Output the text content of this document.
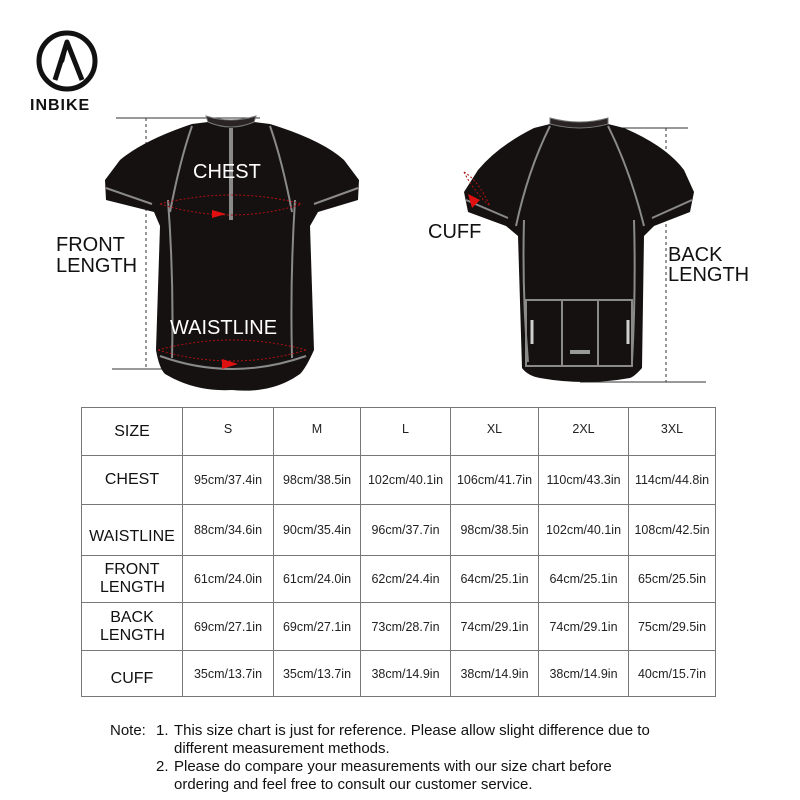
INBIKE
CHEST
FRONT
LENGTH
WAISTLINE
CUFF
BACK
LENGTH
SIZE	S	M	L	XL	2XL	3XL
CHEST	95cm/37.4in	98cm/38.5in	102cm/40.1in	106cm/41.7in	110cm/43.3in	114cm/44.8in
WAISTLINE	88cm/34.6in	90cm/35.4in	96cm/37.7in	98cm/38.5in	102cm/40.1in	108cm/42.5in
FRONT LENGTH	61cm/24.0in	61cm/24.0in	62cm/24.4in	64cm/25.1in	64cm/25.1in	65cm/25.5in
BACK LENGTH	69cm/27.1in	69cm/27.1in	73cm/28.7in	74cm/29.1in	74cm/29.1in	75cm/29.5in
CUFF	35cm/13.7in	35cm/13.7in	38cm/14.9in	38cm/14.9in	38cm/14.9in	40cm/15.7in
Note: 1. This size chart is just for reference. Please allow slight difference due to
different measurement methods.
2. Please do compare your measurements with our size chart before
ordering and feel free to consult our customer service.
